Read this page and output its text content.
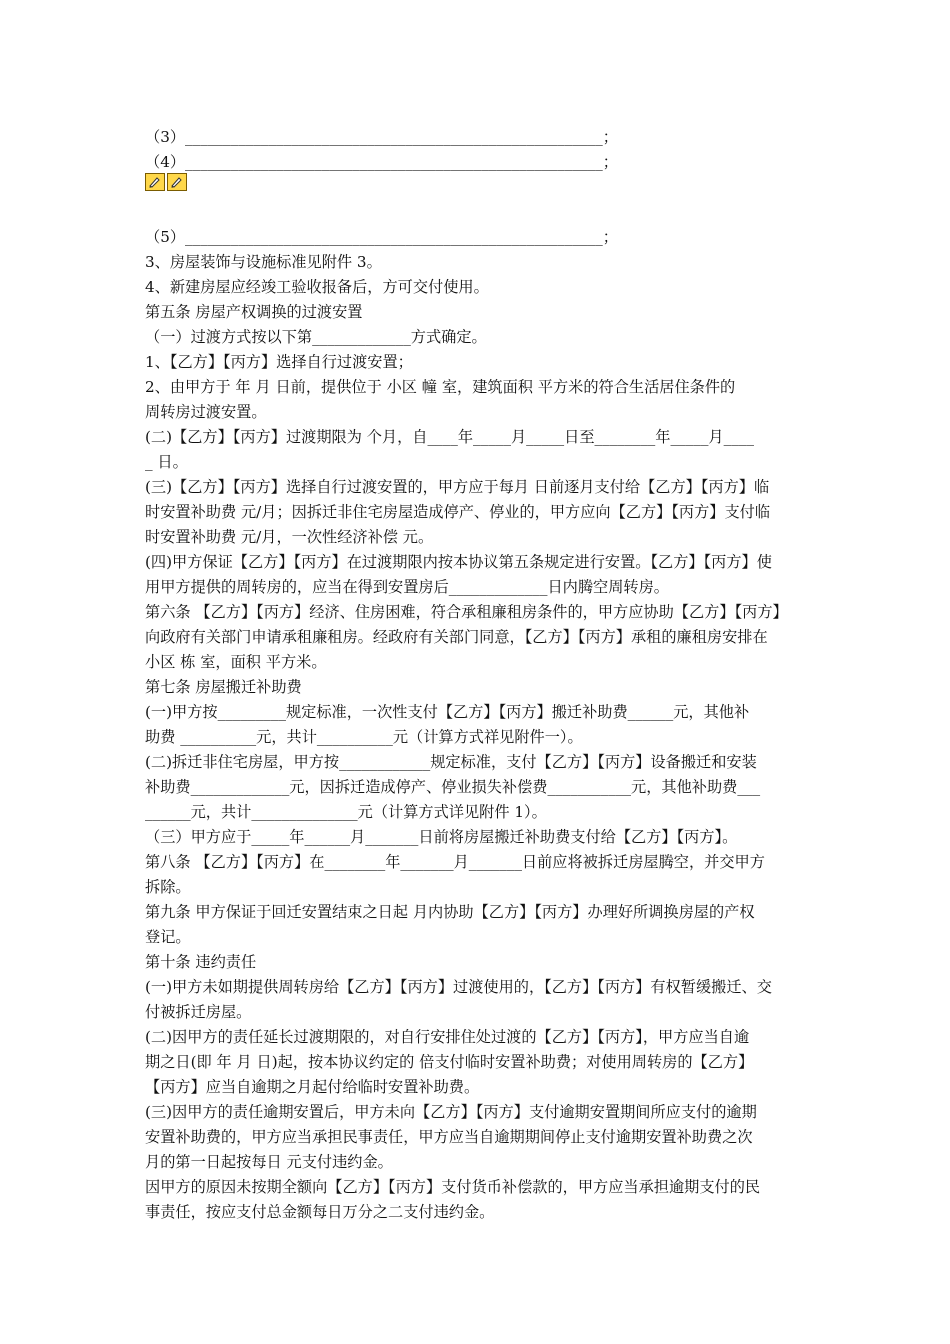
（3）_______________________________________________________；
（4）_______________________________________________________；
（5）_______________________________________________________；
3、房屋装饰与设施标准见附件 3。
4、新建房屋应经竣工验收报备后，方可交付使用。
第五条 房屋产权调换的过渡安置
（一）过渡方式按以下第_____________方式确定。
1、【乙方】【丙方】选择自行过渡安置；
2、由甲方于 年 月 日前，提供位于 小区 幢 室，建筑面积 平方米的符合生活居住条件的
周转房过渡安置。
(二)【乙方】【丙方】过渡期限为 个月，自____年_____月_____日至________年_____月____
_ 日。
(三)【乙方】【丙方】选择自行过渡安置的，甲方应于每月 日前逐月支付给【乙方】【丙方】临
时安置补助费 元/月；因拆迁非住宅房屋造成停产、停业的，甲方应向【乙方】【丙方】支付临
时安置补助费 元/月，一次性经济补偿 元。
(四)甲方保证【乙方】【丙方】在过渡期限内按本协议第五条规定进行安置。【乙方】【丙方】使
用甲方提供的周转房的，应当在得到安置房后_____________日内腾空周转房。
第六条 【乙方】【丙方】经济、住房困难，符合承租廉租房条件的，甲方应协助【乙方】【丙方】
向政府有关部门申请承租廉租房。经政府有关部门同意，【乙方】【丙方】承租的廉租房安排在
小区 栋 室，面积 平方米。
第七条 房屋搬迁补助费
(一)甲方按_________规定标准，一次性支付【乙方】【丙方】搬迁补助费______元，其他补
助费 __________元，共计__________元（计算方式祥见附件一）。
(二)拆迁非住宅房屋，甲方按____________规定标准，支付【乙方】【丙方】设备搬迁和安装
补助费_____________元，因拆迁造成停产、停业损失补偿费___________元，其他补助费___
______元，共计______________元（计算方式详见附件 1）。
（三）甲方应于_____年______月_______日前将房屋搬迁补助费支付给【乙方】【丙方】。
第八条 【乙方】【丙方】在________年_______月_______日前应将被拆迁房屋腾空，并交甲方
拆除。
第九条 甲方保证于回迁安置结束之日起 月内协助【乙方】【丙方】办理好所调换房屋的产权
登记。
第十条 违约责任
(一)甲方未如期提供周转房给【乙方】【丙方】过渡使用的，【乙方】【丙方】有权暂缓搬迁、交
付被拆迁房屋。
(二)因甲方的责任延长过渡期限的，对自行安排住处过渡的【乙方】【丙方】，甲方应当自逾
期之日(即 年 月 日)起，按本协议约定的 倍支付临时安置补助费；对使用周转房的【乙方】
【丙方】应当自逾期之月起付给临时安置补助费。
(三)因甲方的责任逾期安置后，甲方未向【乙方】【丙方】支付逾期安置期间所应支付的逾期
安置补助费的，甲方应当承担民事责任，甲方应当自逾期期间停止支付逾期安置补助费之次
月的第一日起按每日 元支付违约金。
因甲方的原因未按期全额向【乙方】【丙方】支付货币补偿款的，甲方应当承担逾期支付的民
事责任，按应支付总金额每日万分之二支付违约金。
